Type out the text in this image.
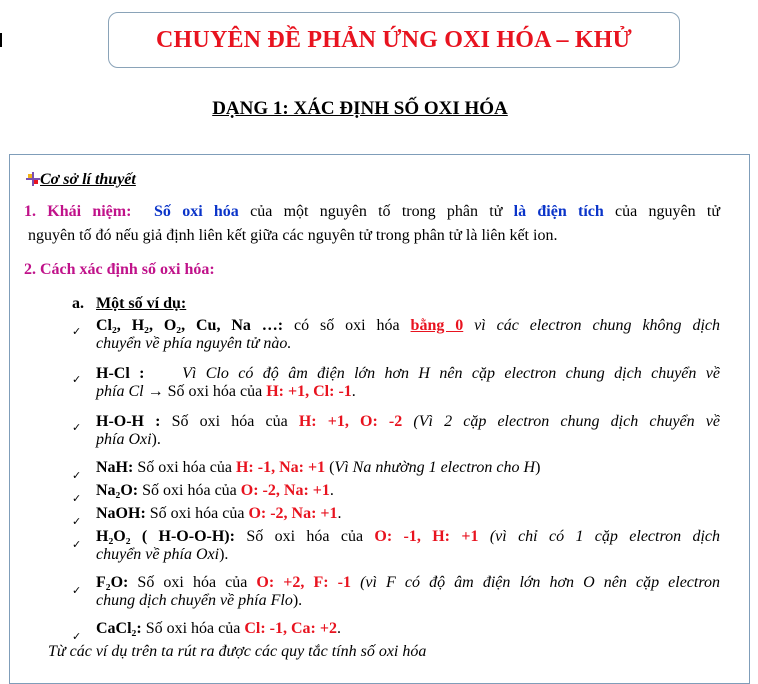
CHUYÊN ĐỀ PHẢN ỨNG OXI HÓA – KHỬ
DẠNG 1: XÁC ĐỊNH SỐ OXI HÓA
Cơ sở lí thuyết
1. Khái niệm: Số oxi hóa của một nguyên tố trong phân tử là điện tích của nguyên tử
nguyên tố đó nếu giả định liên kết giữa các nguyên tử trong phân tử là liên kết ion.
2. Cách xác định số oxi hóa:
a. Một số ví dụ:
✓ Cl₂, H₂, O₂, Cu, Na …: có số oxi hóa bằng 0 vì các electron chung không dịch
chuyển về phía nguyên tử nào.
✓ H-Cl : Vì Clo có độ âm điện lớn hơn H nên cặp electron chung dịch chuyển về
phía Cl → Số oxi hóa của H: +1, Cl: -1.
✓ H-O-H : Số oxi hóa của H: +1, O: -2 (Vì 2 cặp electron chung dịch chuyển về
phía Oxi).
✓ NaH: Số oxi hóa của H: -1, Na: +1 (Vì Na nhường 1 electron cho H)
✓ Na₂O: Số oxi hóa của O: -2, Na: +1.
✓ NaOH: Số oxi hóa của O: -2, Na: +1.
✓ H₂O₂ ( H-O-O-H): Số oxi hóa của O: -1, H: +1 (vì chỉ có 1 cặp electron dịch
chuyển về phía Oxi).
✓ F₂O: Số oxi hóa của O: +2, F: -1 (vì F có độ âm điện lớn hơn O nên cặp electron
chung dịch chuyển về phía Flo).
✓ CaCl₂: Số oxi hóa của Cl: -1, Ca: +2.
Từ các ví dụ trên ta rút ra được các quy tắc tính số oxi hóa
